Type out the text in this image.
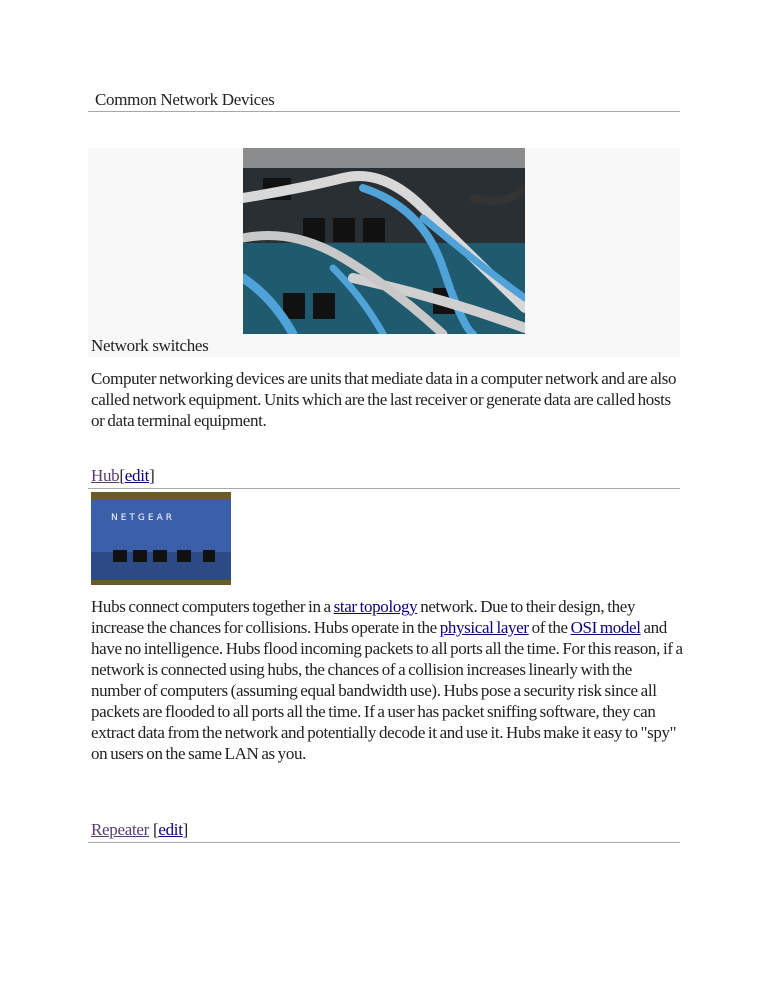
Common Network Devices
Network switches
Computer networking devices are units that mediate data in a computer network and are also called network equipment. Units which are the last receiver or generate data are called hosts or data terminal equipment.
Hub[edit]
NETGEAR
Hubs connect computers together in a star topology network. Due to their design, they increase the chances for collisions. Hubs operate in the physical layer of the OSI model and have no intelligence. Hubs flood incoming packets to all ports all the time. For this reason, if a network is connected using hubs, the chances of a collision increases linearly with the number of computers (assuming equal bandwidth use). Hubs pose a security risk since all packets are flooded to all ports all the time. If a user has packet sniffing software, they can extract data from the network and potentially decode it and use it. Hubs make it easy to "spy" on users on the same LAN as you.
Repeater [edit]
